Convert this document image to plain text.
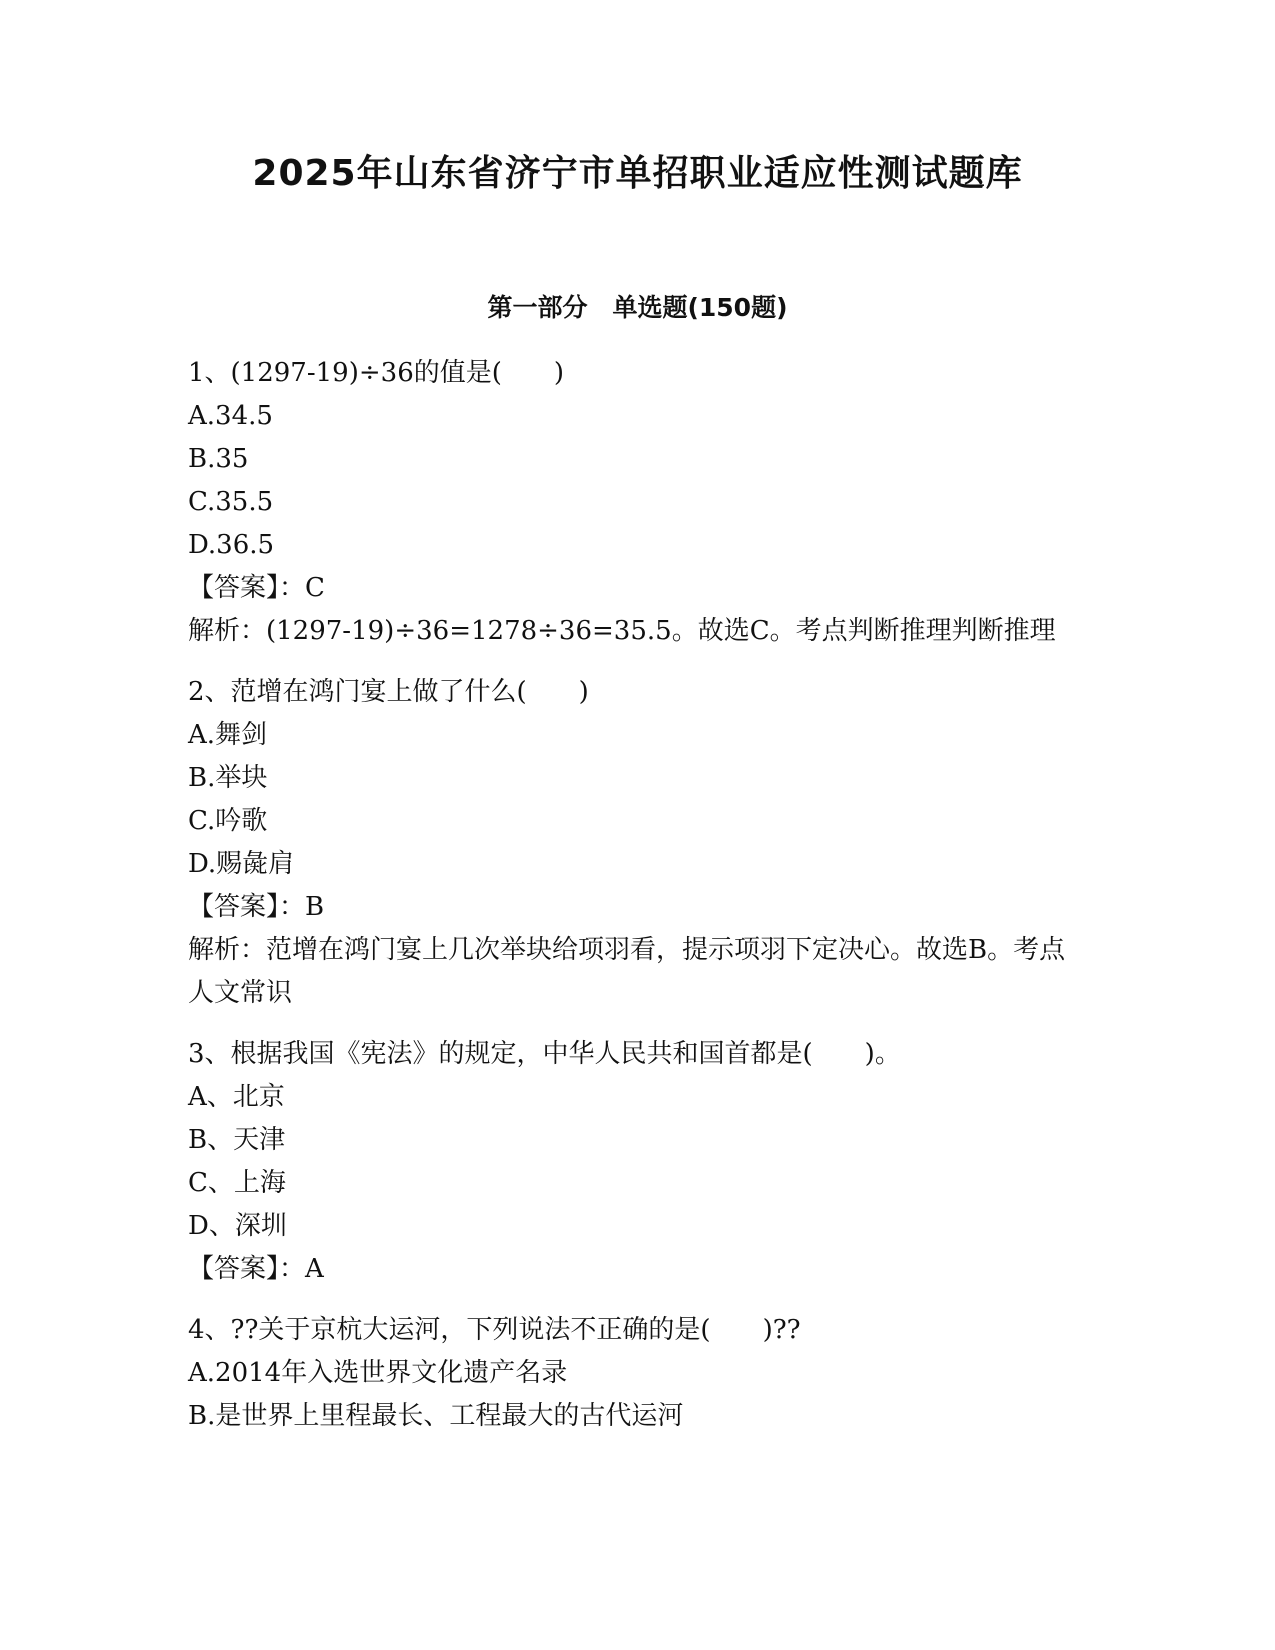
2025年山东省济宁市单招职业适应性测试题库
第一部分　单选题(150题)
1、(1297-19)÷36的值是(　　)
A.34.5
B.35
C.35.5
D.36.5
【答案】：C
解析：(1297-19)÷36=1278÷36=35.5。故选C。考点判断推理判断推理
2、范增在鸿门宴上做了什么(　　)
A.舞剑
B.举块
C.吟歌
D.赐彘肩
【答案】：B
解析：范增在鸿门宴上几次举块给项羽看，提示项羽下定决心。故选B。考点人文常识
3、根据我国《宪法》的规定，中华人民共和国首都是(　　)。
A、北京
B、天津
C、上海
D、深圳
【答案】：A
4、??关于京杭大运河，下列说法不正确的是(　　)??
A.2014年入选世界文化遗产名录
B.是世界上里程最长、工程最大的古代运河
